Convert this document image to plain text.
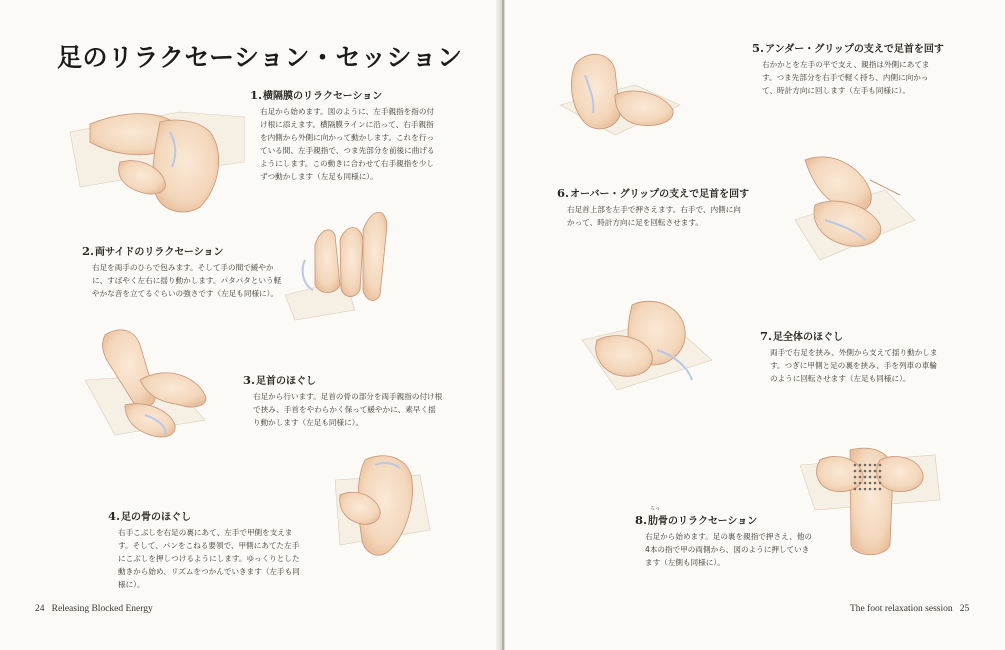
足のリラクセーション・セッション
1.横隔膜のリラクセーション

右足から始めます。図のように、左手親指を指の付け根に添えます。横隔膜ラインに沿って、右手親指を内側から外側に向かって動かします。これを行っている間、左手親指で、つま先部分を前後に曲げるようにします。この動きに合わせて右手親指を少しずつ動かします（左足も同様に）。

2.両サイドのリラクセーション

右足を両手のひらで包みます。そして手の間で緩やかに、すばやく左右に揺り動かします。パタパタという軽やかな音を立てるぐらいの強さです（左足も同様に）。

3.足首のほぐし

右足から行います。足首の骨の部分を両手親指の付け根で挟み、手首をやわらかく保って緩やかに、素早く揺り動かします（左足も同様に）。

4.足の骨のほぐし

右手こぶしを右足の裏にあて、左手で甲側を支えます。そして、パンをこねる要領で、甲側にあてた左手にこぶしを押しつけるようにします。ゆっくりとした動きから始め、リズムをつかんでいきます（左手も同様に）。

24 Releasing Blocked Energy
5.アンダー・グリップの支えで足首を回す

右かかとを左手の平で支え、親指は外側にあてます。つま先部分を右手で軽く持ち、内側に向かって、時計方向に回します（左手も同様に）。

6.オーバー・グリップの支えで足首を回す

右足首上部を左手で押さえます。右手で、内側に向かって、時計方向に足を回転させます。

7.足全体のほぐし

両手で右足を挟み、外側から支えて揺り動かします。つぎに甲側と足の裏を挟み、手を列車の車輪のように回転させます（左足も同様に）。

8.肋骨のリラクセーション

右足から始めます。足の裏を親指で押さえ、他の4本の指で甲の両側から、図のように押していきます（左側も同様に）。

ろっ
The foot relaxation session 25
